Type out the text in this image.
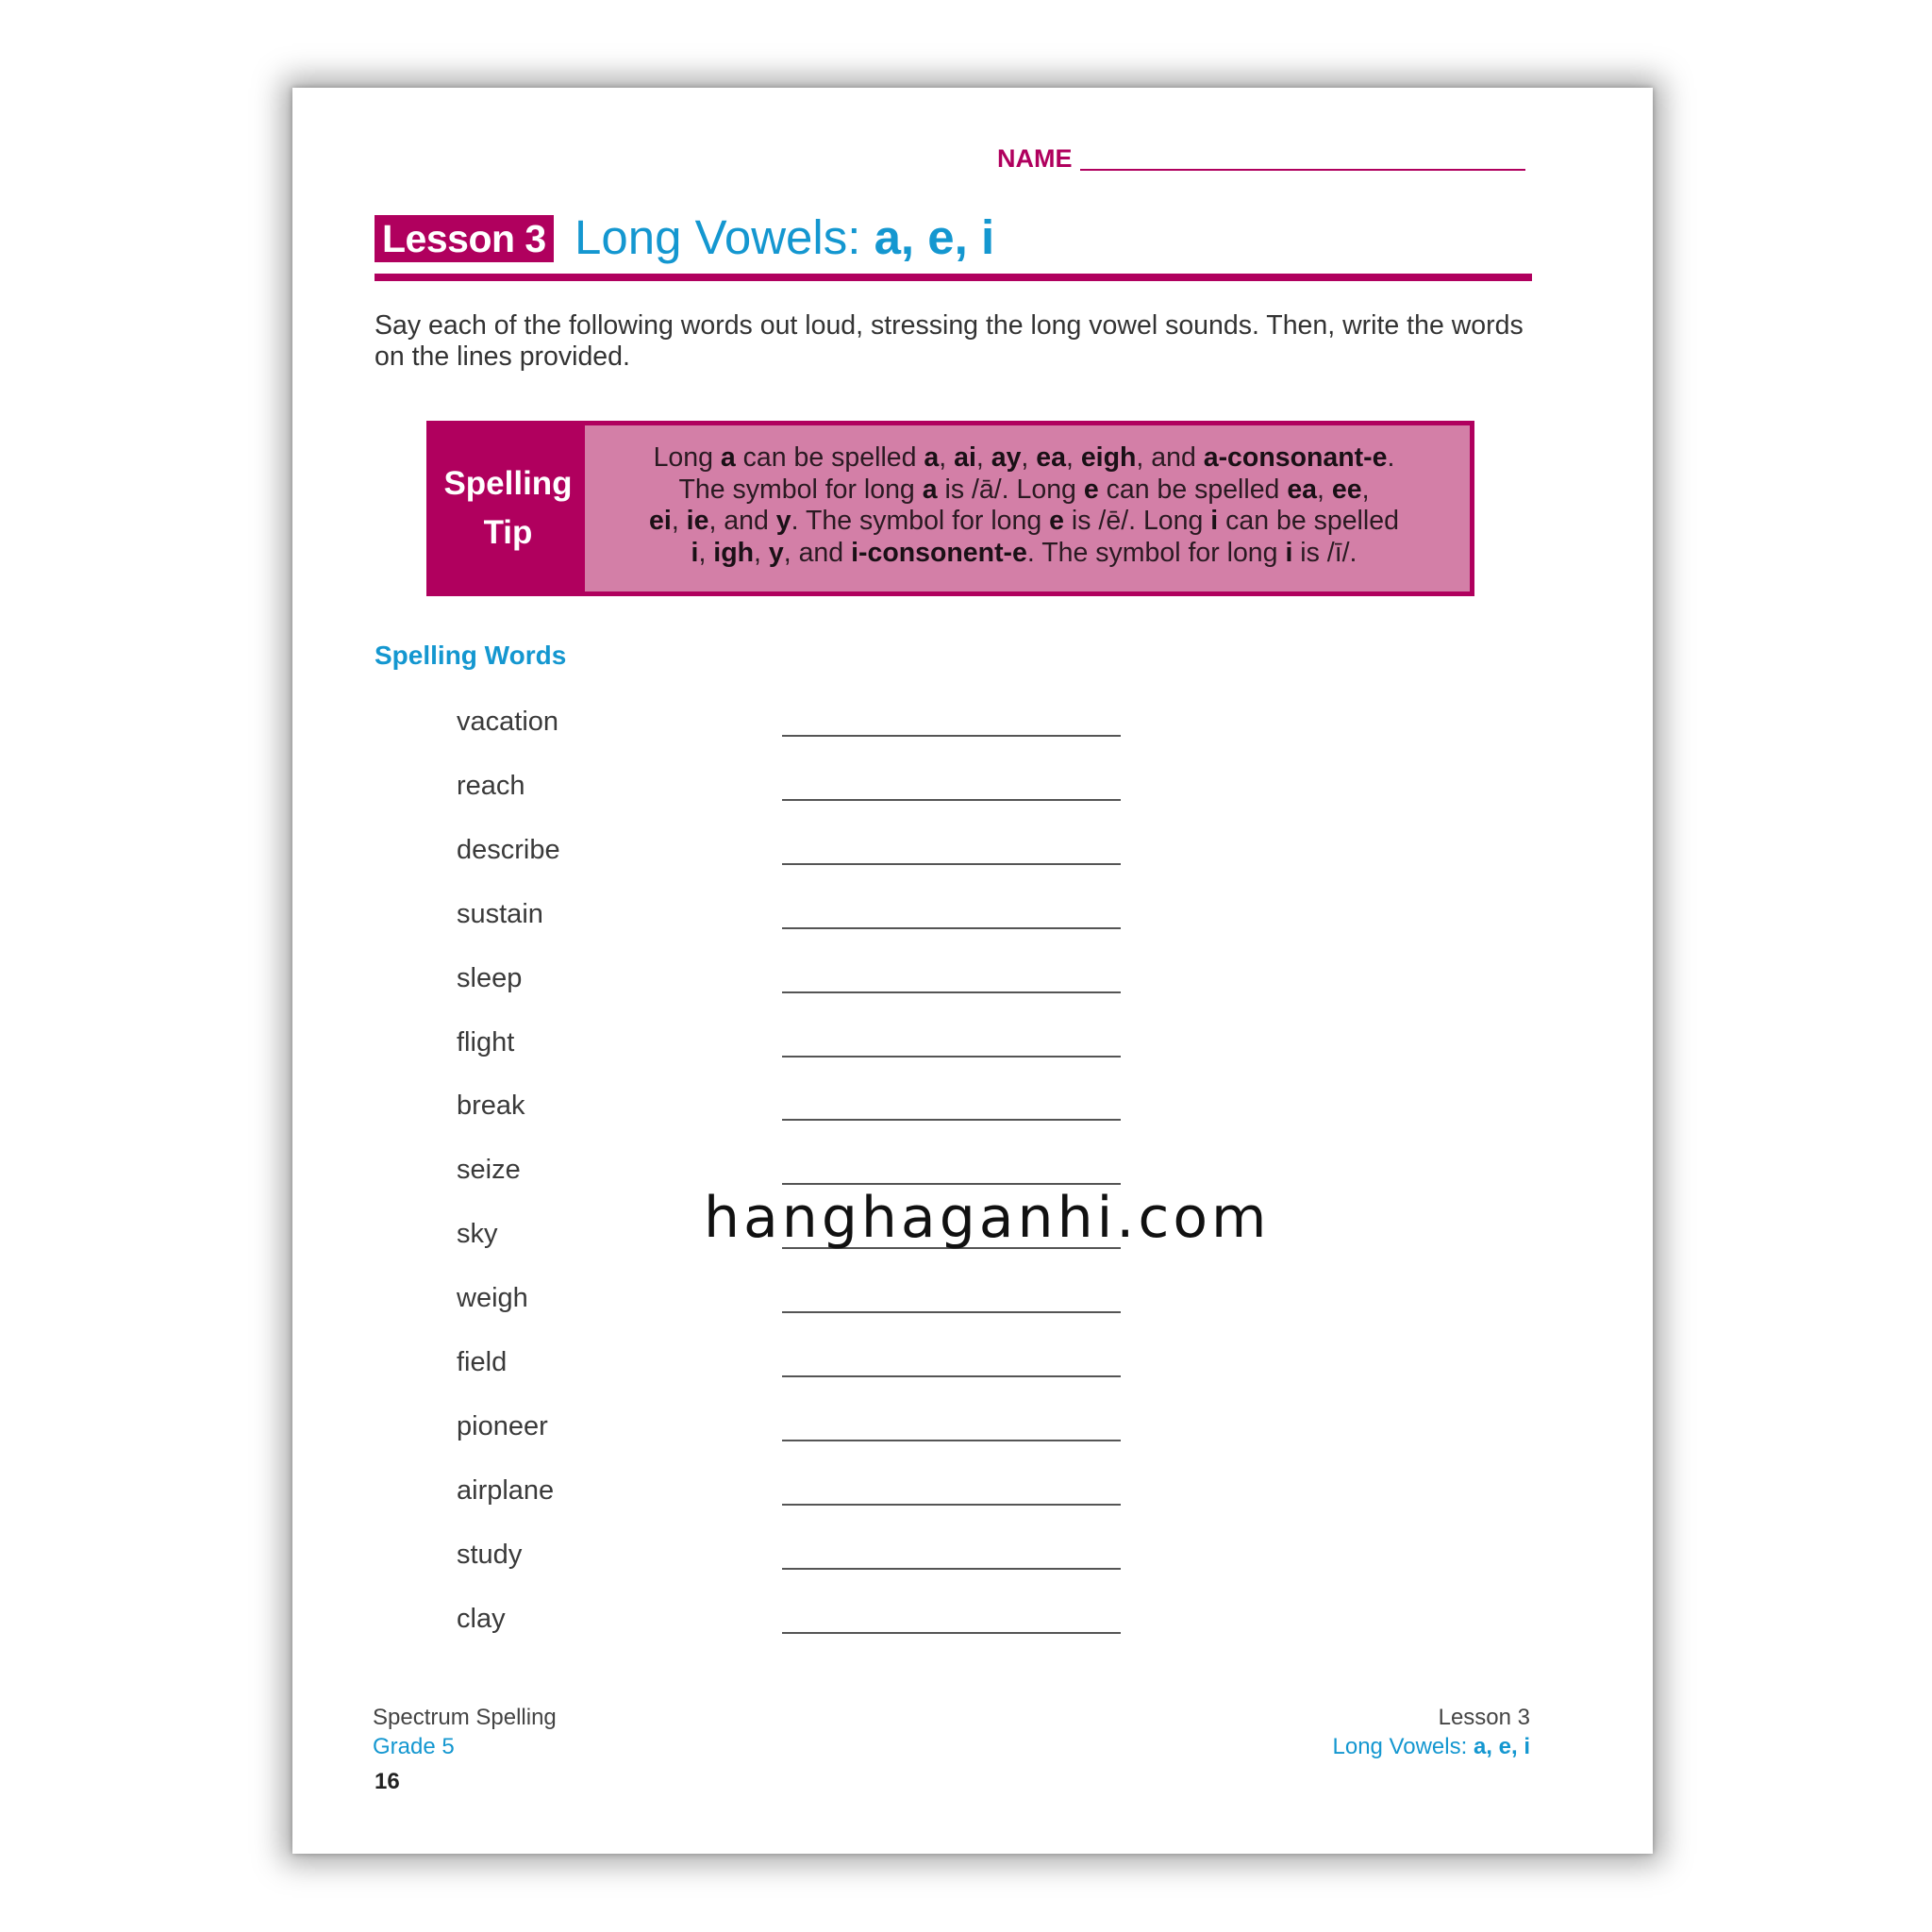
NAME
Lesson 3 Long Vowels: a, e, i
Say each of the following words out loud, stressing the long vowel sounds. Then, write the words on the lines provided.
Spelling
Tip
Long a can be spelled a, ai, ay, ea, eigh, and a-consonant-e.
The symbol for long a is /ā/. Long e can be spelled ea, ee,
ei, ie, and y. The symbol for long e is /ē/. Long i can be spelled
i, igh, y, and i-consonent-e. The symbol for long i is /ī/.
Spelling Words
vacation
reach
describe
sustain
sleep
flight
break
seize
sky
weigh
field
pioneer
airplane
study
clay
hanghaganhi.com
Spectrum Spelling
Grade 5
16
Lesson 3
Long Vowels: a, e, i
